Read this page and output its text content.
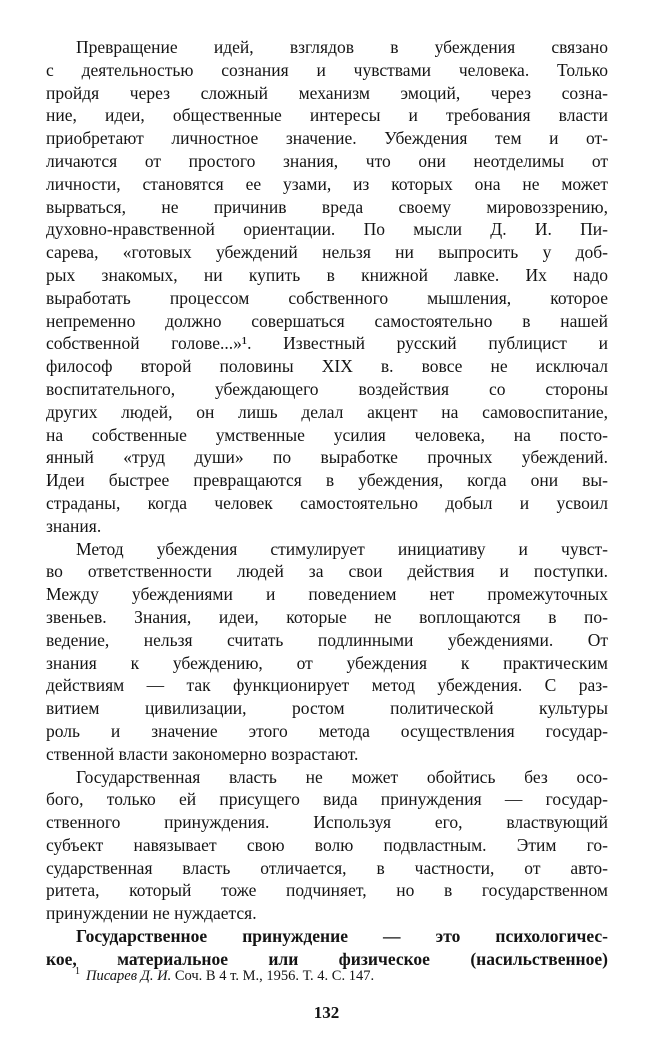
Превращение идей, взглядов в убеждения связано
с деятельностью сознания и чувствами человека. Только
пройдя через сложный механизм эмоций, через созна-
ние, идеи, общественные интересы и требования власти
приобретают личностное значение. Убеждения тем и от-
личаются от простого знания, что они неотделимы от
личности, становятся ее узами, из которых она не может
вырваться, не причинив вреда своему мировоззрению,
духовно-нравственной ориентации. По мысли Д. И. Пи-
сарева, «готовых убеждений нельзя ни выпросить у доб-
рых знакомых, ни купить в книжной лавке. Их надо
выработать процессом собственного мышления, которое
непременно должно совершаться самостоятельно в нашей
собственной голове...»¹. Известный русский публицист и
философ второй половины XIX в. вовсе не исключал
воспитательного, убеждающего воздействия со стороны
других людей, он лишь делал акцент на самовоспитание,
на собственные умственные усилия человека, на посто-
янный «труд души» по выработке прочных убеждений.
Идеи быстрее превращаются в убеждения, когда они вы-
страданы, когда человек самостоятельно добыл и усвоил
знания.
Метод убеждения стимулирует инициативу и чувст-
во ответственности людей за свои действия и поступки.
Между убеждениями и поведением нет промежуточных
звеньев. Знания, идеи, которые не воплощаются в по-
ведение, нельзя считать подлинными убеждениями. От
знания к убеждению, от убеждения к практическим
действиям — так функционирует метод убеждения. С раз-
витием цивилизации, ростом политической культуры
роль и значение этого метода осуществления государ-
ственной власти закономерно возрастают.
Государственная власть не может обойтись без осо-
бого, только ей присущего вида принуждения — государ-
ственного принуждения. Используя его, властвующий
субъект навязывает свою волю подвластным. Этим го-
сударственная власть отличается, в частности, от авто-
ритета, который тоже подчиняет, но в государственном
принуждении не нуждается.
Государственное принуждение — это психологичес-
кое, материальное или физическое (насильственное)
$^1$ Писарев Д. И. Соч. В 4 т. М., 1956. Т. 4. С. 147.
132
